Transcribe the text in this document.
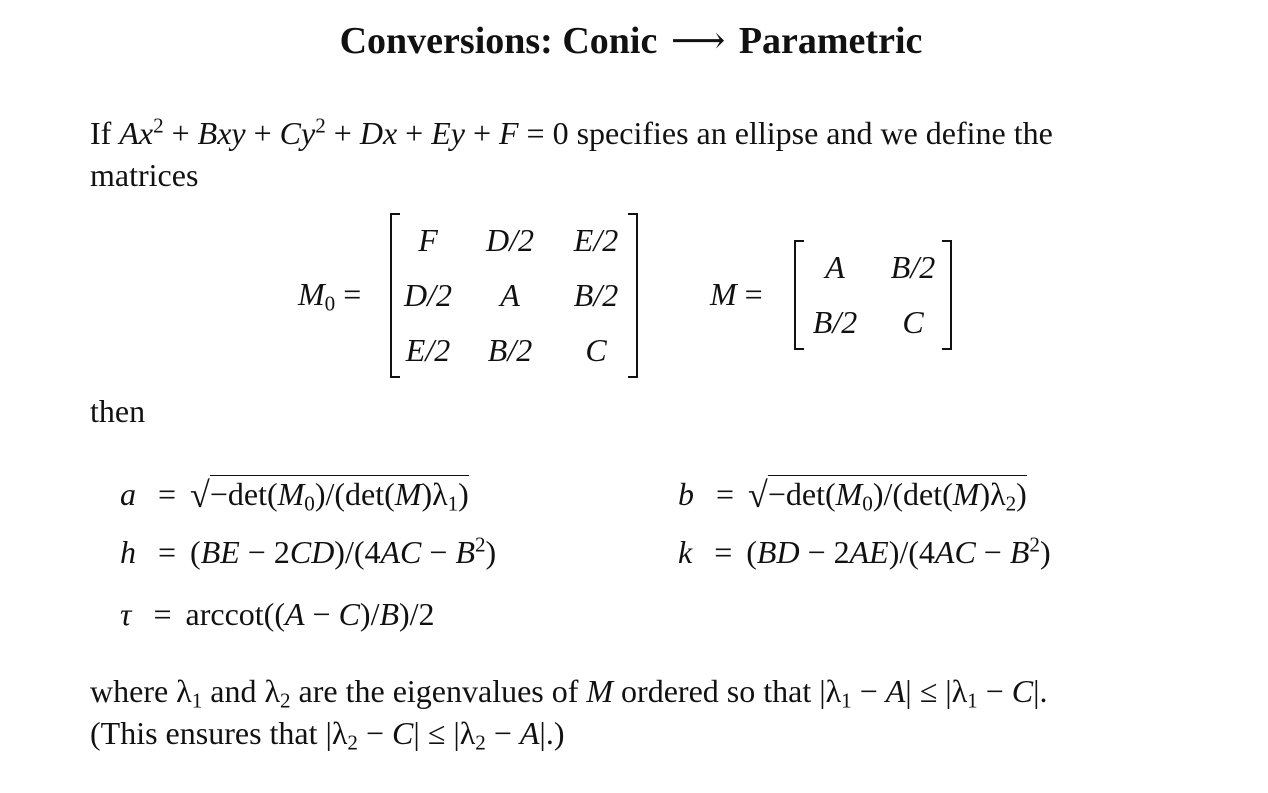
Conversions: Conic ⟶ Parametric
If $Ax^2$ + Bxy + $Cy^2 + Dx + Ey + F = 0$ specifies an ellipse and we define the
matrices
$M_0$ =
F	D/2	E/2
D/2	A	B/2
E/2	B/2	C
M =
A	B/2
B/2	C
then
$a = √-\det(M_0)/(\det(M)\lambda_1)$	$b = √-\det(M_0)/(\det(M)\lambda_2)$
$h = (BE - 2CD)/(4AC - B^2)$	$k = (BD - 2AE)/(4AC - B^2)$
τ = arccot((A − C)/B)/2
where $\lambda_1$ and $\lambda_2$ are the eigenvalues of M ordered so that $|\lambda_1 - A| \le |\lambda_1 - C|$.
(This ensures that $|\lambda_2 - C| \le |\lambda_2 - A|$.)
